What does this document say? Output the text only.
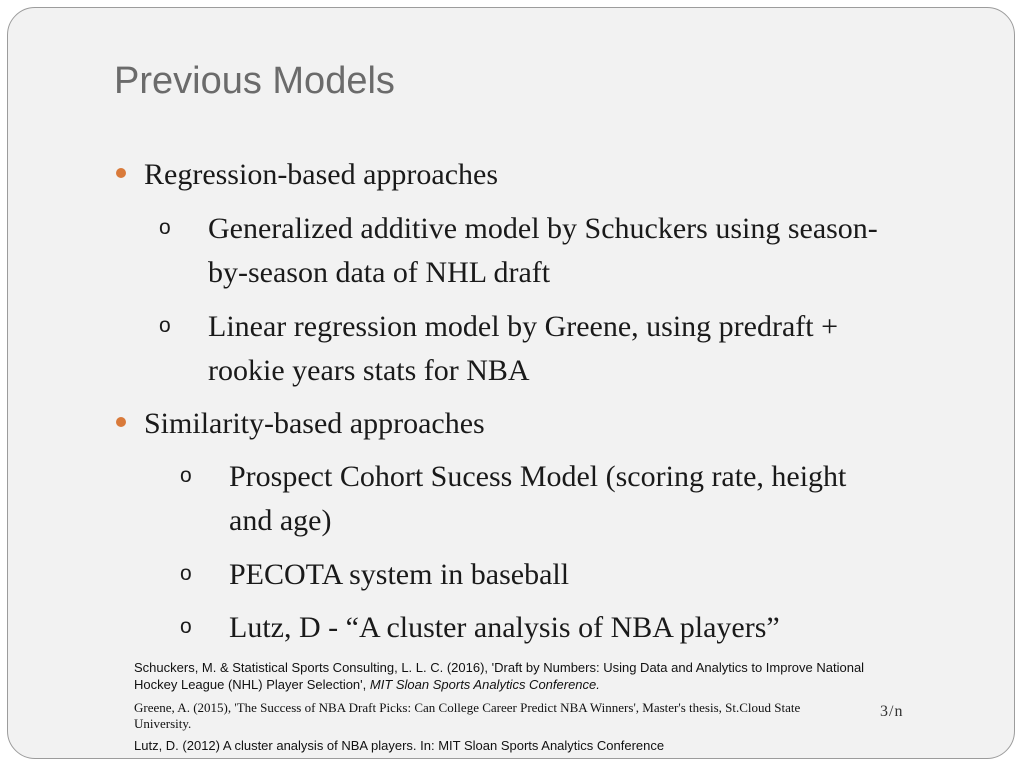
Previous Models
Regression-based approaches
o Generalized additive model by Schuckers using season-
by-season data of NHL draft
o Linear regression model by Greene, using predraft +
rookie years stats for NBA
Similarity-based approaches
o Prospect Cohort Sucess Model (scoring rate, height
and age)
o PECOTA system in baseball
o Lutz, D - “A cluster analysis of NBA players”
Schuckers, M. & Statistical Sports Consulting, L. L. C. (2016), 'Draft by Numbers: Using Data and Analytics to Improve National
Hockey League (NHL) Player Selection', MIT Sloan Sports Analytics Conference.
Greene, A. (2015), 'The Success of NBA Draft Picks: Can College Career Predict NBA Winners', Master's thesis, St.Cloud State
University.
3/n
Lutz, D. (2012) A cluster analysis of NBA players. In: MIT Sloan Sports Analytics Conference
